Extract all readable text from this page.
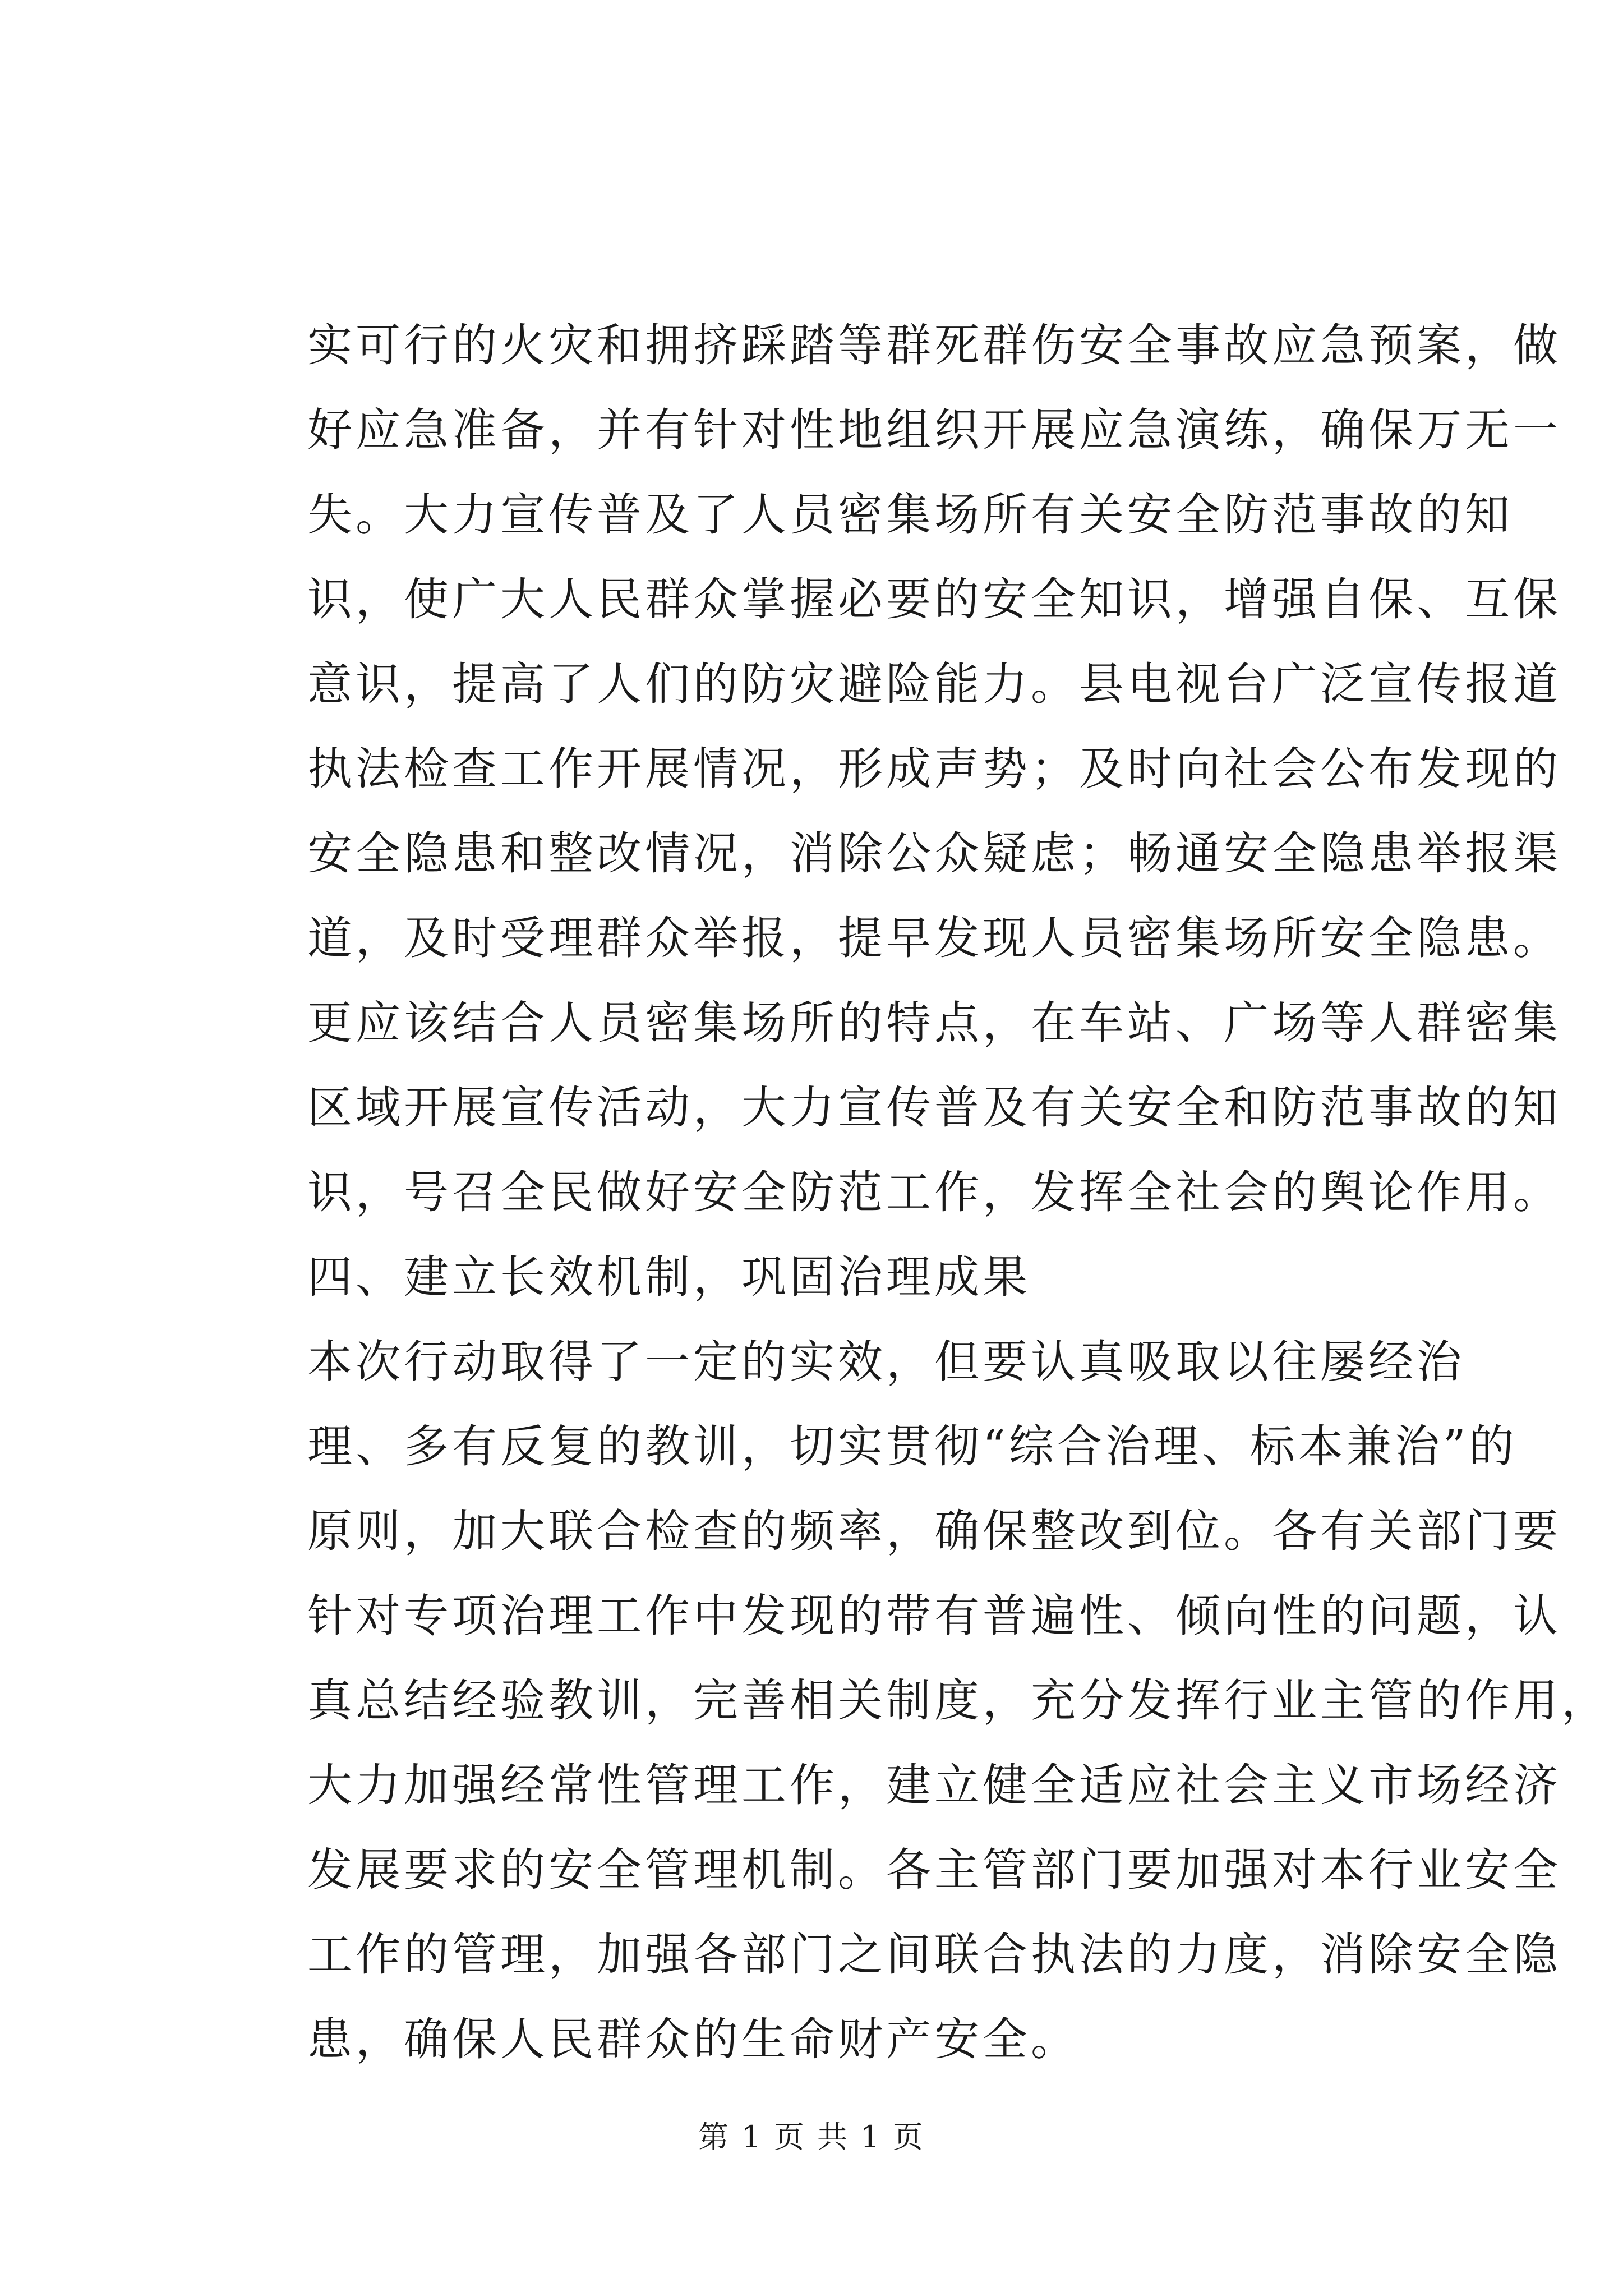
实可行的火灾和拥挤踩踏等群死群伤安全事故应急预案，做
好应急准备，并有针对性地组织开展应急演练，确保万无一
失。大力宣传普及了人员密集场所有关安全防范事故的知
识，使广大人民群众掌握必要的安全知识，增强自保、互保
意识，提高了人们的防灾避险能力。县电视台广泛宣传报道
执法检查工作开展情况，形成声势；及时向社会公布发现的
安全隐患和整改情况，消除公众疑虑；畅通安全隐患举报渠
道，及时受理群众举报，提早发现人员密集场所安全隐患。
更应该结合人员密集场所的特点，在车站、广场等人群密集
区域开展宣传活动，大力宣传普及有关安全和防范事故的知
识，号召全民做好安全防范工作，发挥全社会的舆论作用。
四、建立长效机制，巩固治理成果
本次行动取得了一定的实效，但要认真吸取以往屡经治
理、多有反复的教训，切实贯彻“综合治理、标本兼治”的
原则，加大联合检查的频率，确保整改到位。各有关部门要
针对专项治理工作中发现的带有普遍性、倾向性的问题，认
真总结经验教训，完善相关制度，充分发挥行业主管的作用，
大力加强经常性管理工作，建立健全适应社会主义市场经济
发展要求的安全管理机制。各主管部门要加强对本行业安全
工作的管理，加强各部门之间联合执法的力度，消除安全隐
患，确保人民群众的生命财产安全。
第 1 页 共 1 页
